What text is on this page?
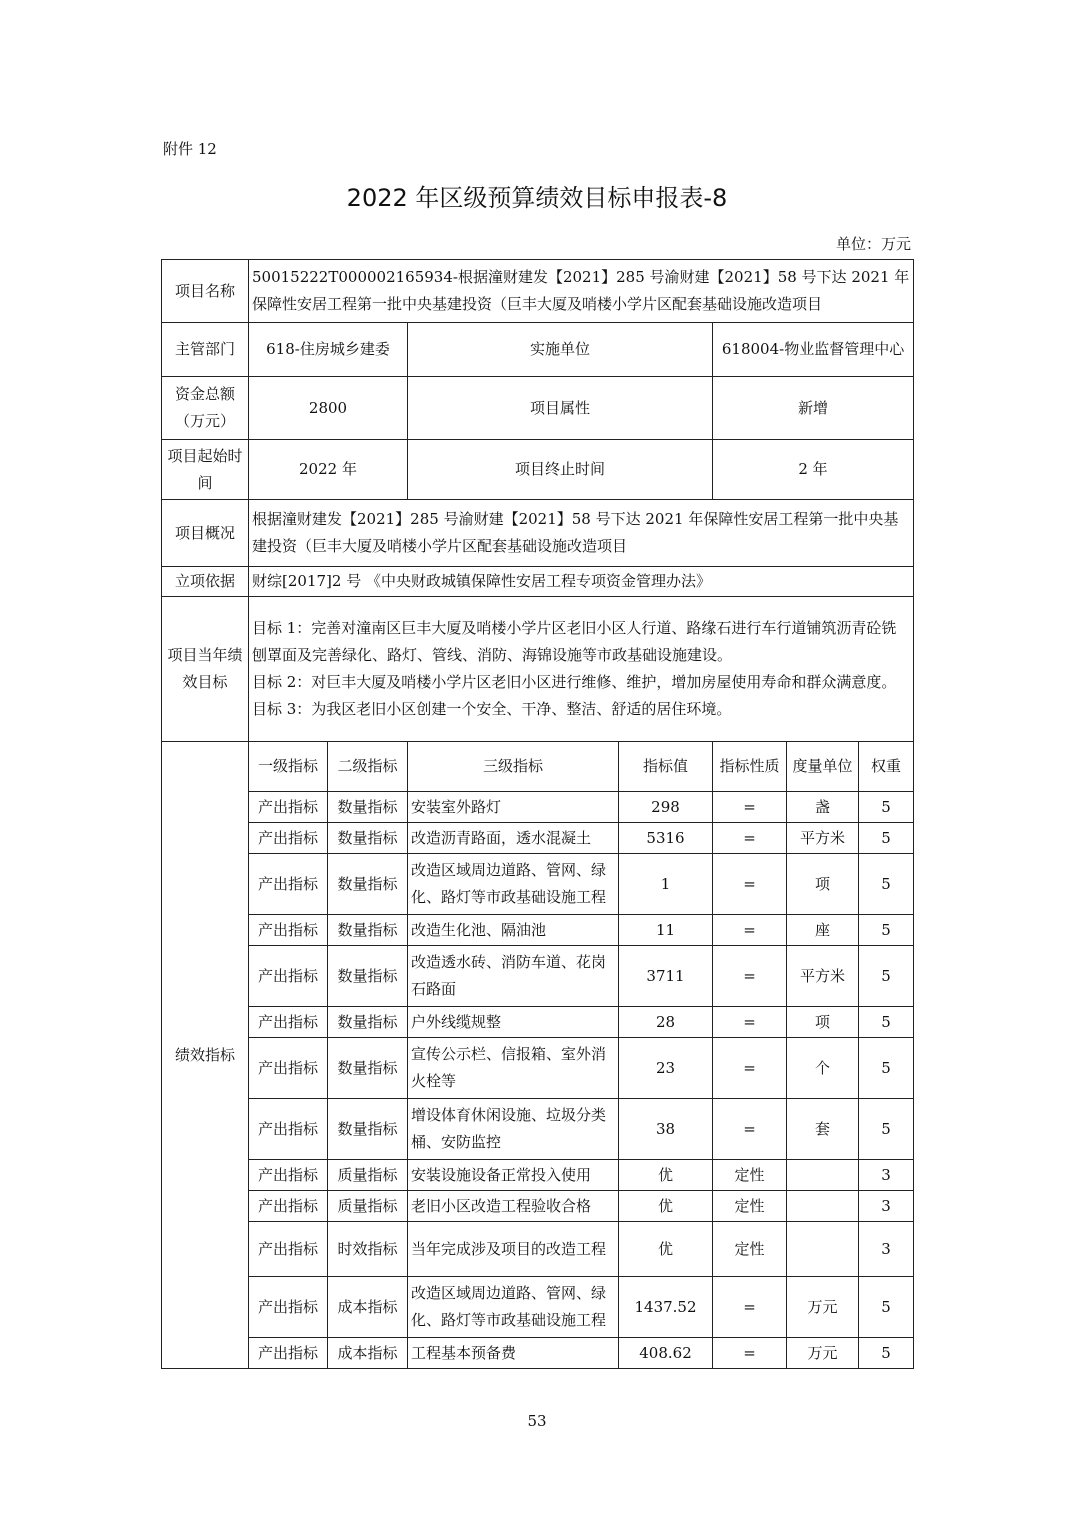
附件 12
2022 年区级预算绩效目标申报表-8
单位：万元
项目名称	50015222T000002165934-根据潼财建发【2021】285 号渝财建【2021】58 号下达 2021 年保障性安居工程第一批中央基建投资（巨丰大厦及哨楼小学片区配套基础设施改造项目						
主管部门	618-住房城乡建委		实施单位		618004-物业监督管理中心		
资金总额（万元）	2800		项目属性		新增		
项目起始时间	2022 年		项目终止时间		2 年		
项目概况	根据潼财建发【2021】285 号渝财建【2021】58 号下达 2021 年保障性安居工程第一批中央基建投资（巨丰大厦及哨楼小学片区配套基础设施改造项目						
立项依据	财综[2017]2 号 《中央财政城镇保障性安居工程专项资金管理办法》						
项目当年绩效目标	目标 1：完善对潼南区巨丰大厦及哨楼小学片区老旧小区人行道、路缘石进行车行道铺筑沥青砼铣刨罩面及完善绿化、路灯、管线、消防、海锦设施等市政基础设施建设。

目标 2：对巨丰大厦及哨楼小学片区老旧小区进行维修、维护，增加房屋使用寿命和群众满意度。

目标 3：为我区老旧小区创建一个安全、干净、整洁、舒适的居住环境。						

绩效指标	一级指标	二级指标	三级指标	指标值	指标性质	度量单位	权重
	产出指标	数量指标	安装室外路灯	298	=	盏	5
	产出指标	数量指标	改造沥青路面，透水混凝土	5316	=	平方米	5
	产出指标	数量指标	改造区域周边道路、管网、绿化、路灯等市政基础设施工程	1	=	项	5
	产出指标	数量指标	改造生化池、隔油池	11	=	座	5
	产出指标	数量指标	改造透水砖、消防车道、花岗石路面	3711	=	平方米	5
	产出指标	数量指标	户外线缆规整	28	=	项	5
	产出指标	数量指标	宣传公示栏、信报箱、室外消火栓等	23	=	个	5
	产出指标	数量指标	增设体育休闲设施、垃圾分类桶、安防监控	38	=	套	5
	产出指标	质量指标	安装设施设备正常投入使用	优	定性		3
	产出指标	质量指标	老旧小区改造工程验收合格	优	定性		3
	产出指标	时效指标	当年完成涉及项目的改造工程	优	定性		3
	产出指标	成本指标	改造区域周边道路、管网、绿化、路灯等市政基础设施工程	1437.52	=	万元	5
	产出指标	成本指标	工程基本预备费	408.62	=	万元	5
53
